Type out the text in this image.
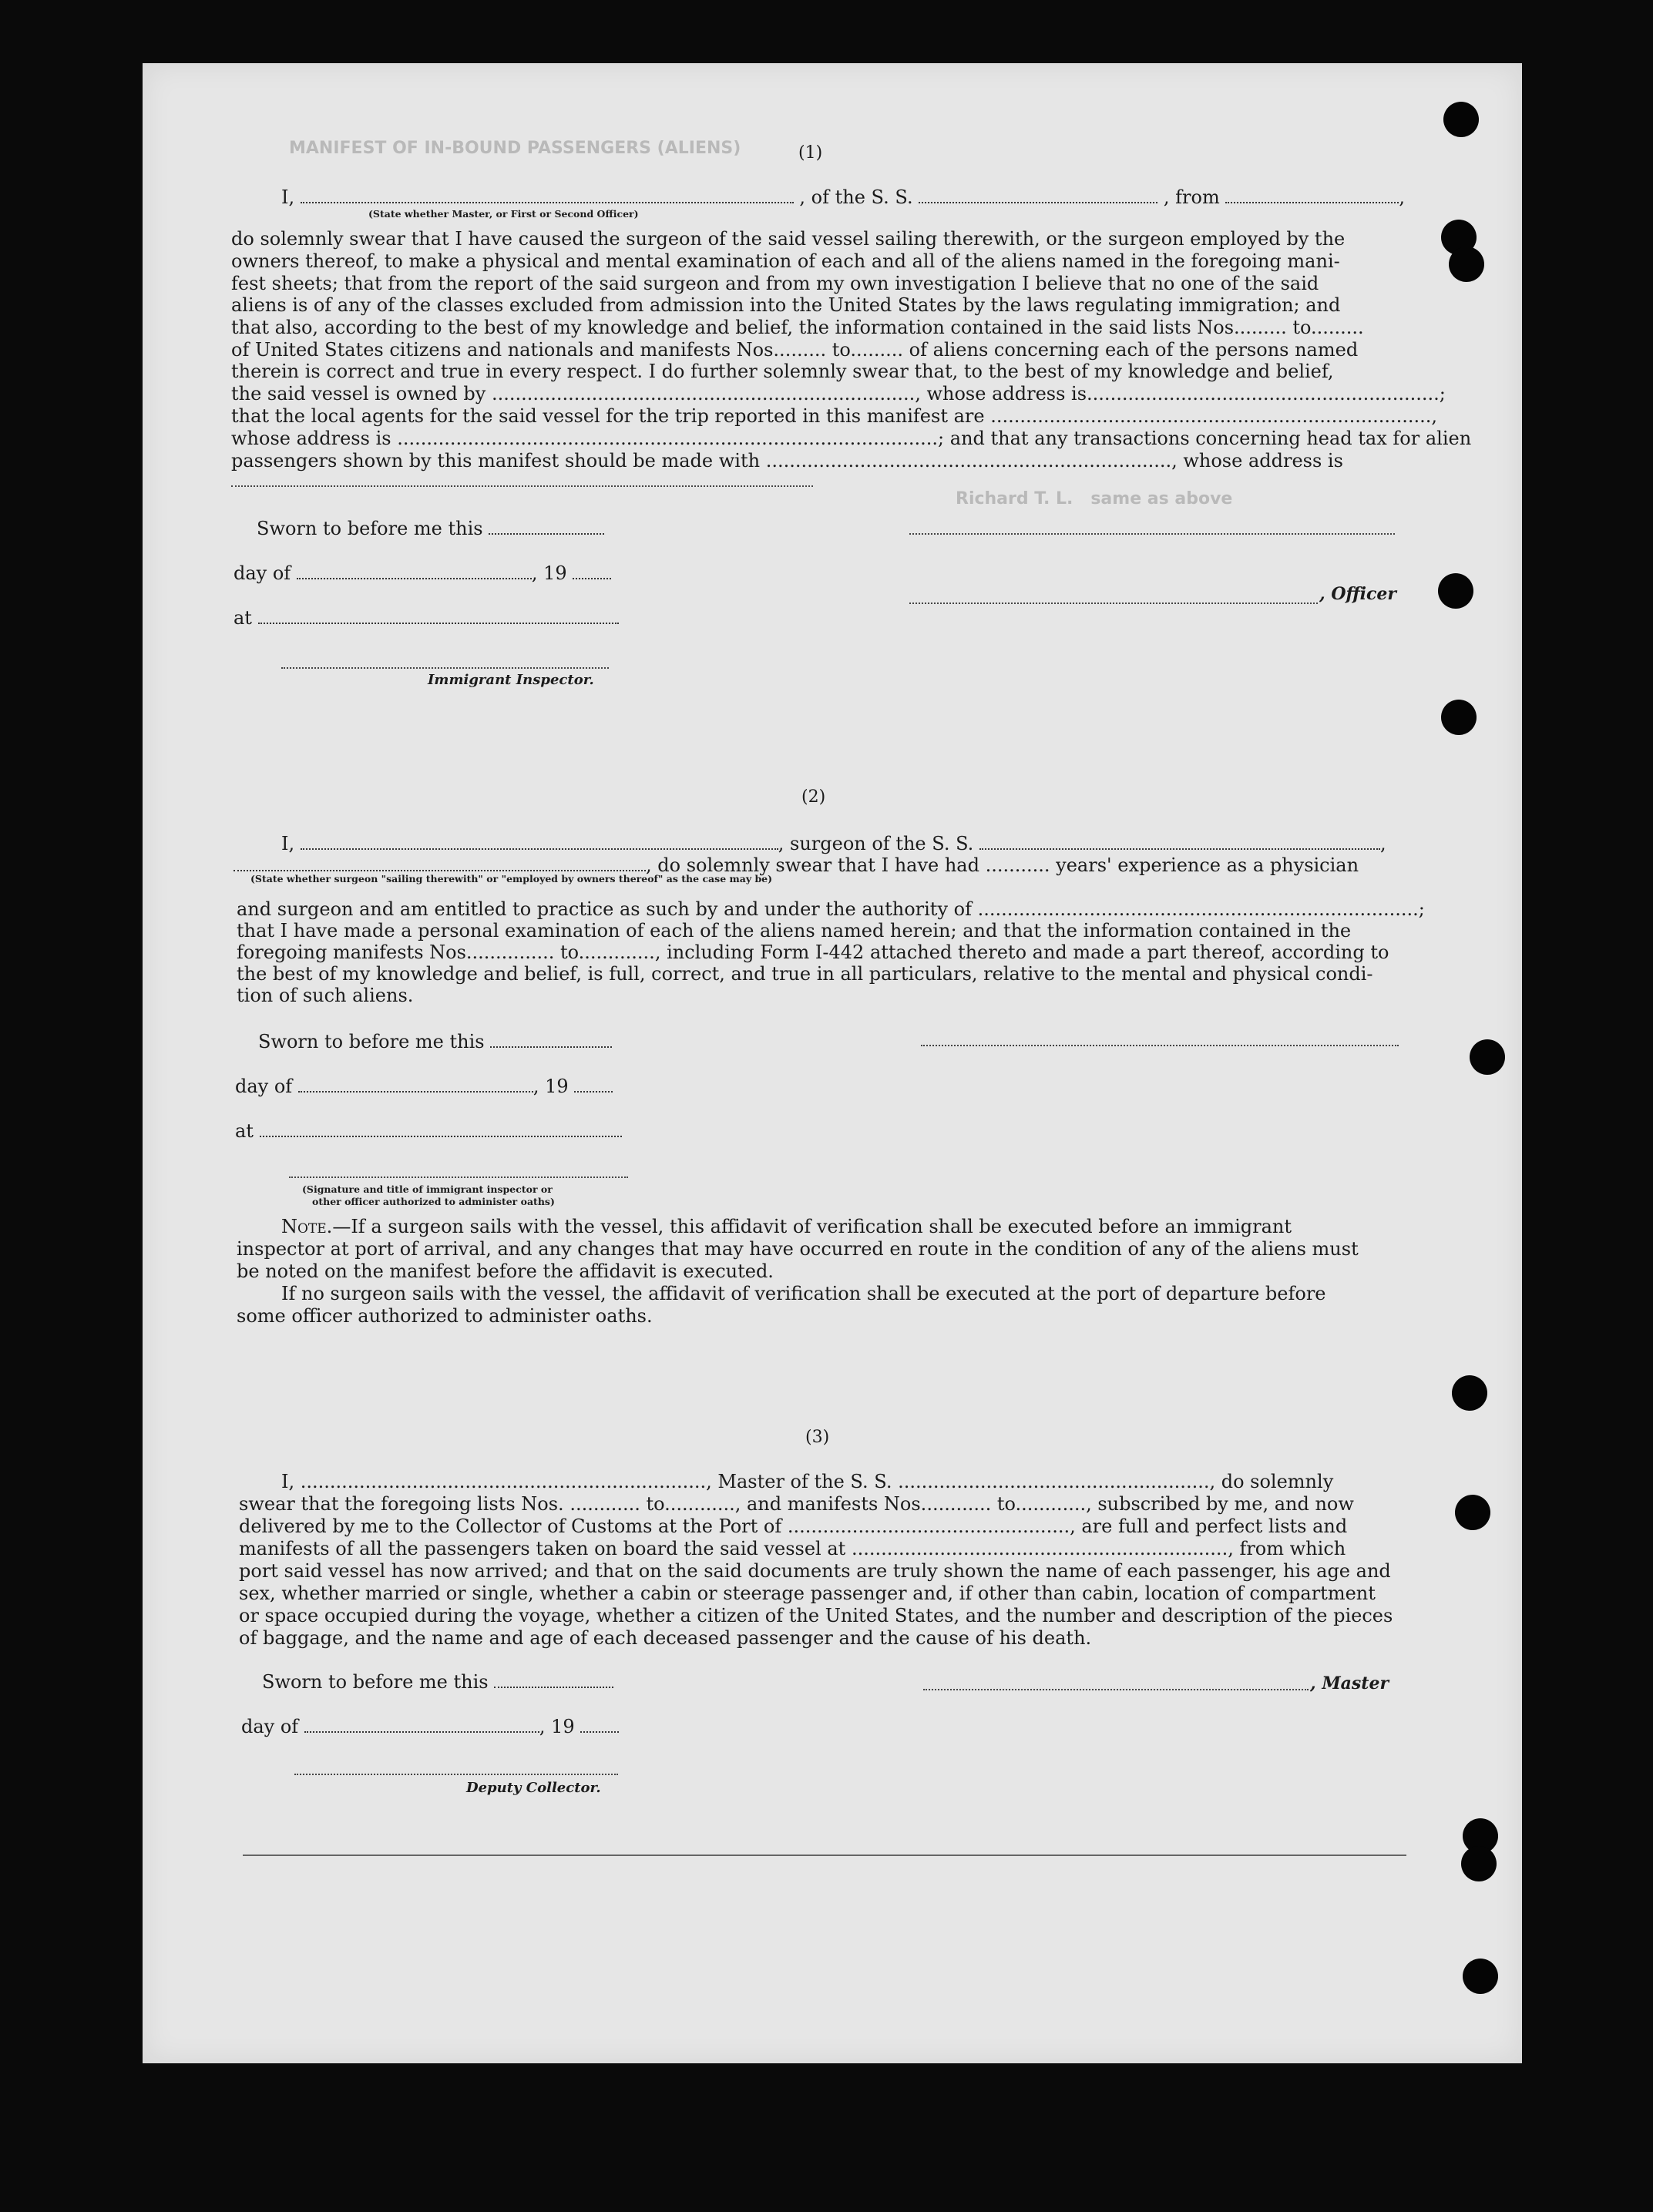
MANIFEST OF IN-BOUND PASSENGERS (ALIENS)
Richard T. L.   same as above
(1)
I,	, of the S. S.	, from	,
(State whether Master, or First or Second Officer)
do solemnly swear that I have caused the surgeon of the said vessel sailing therewith, or the surgeon employed by the
owners thereof, to make a physical and mental examination of each and all of the aliens named in the foregoing mani-
fest sheets; that from the report of the said surgeon and from my own investigation I believe that no one of the said
aliens is of any of the classes excluded from admission into the United States by the laws regulating immigration; and
that also, according to the best of my knowledge and belief, the information contained in the said lists Nos......... to.........
of United States citizens and nationals and manifests Nos......... to......... of aliens concerning each of the persons named
therein is correct and true in every respect. I do further solemnly swear that, to the best of my knowledge and belief,
the said vessel is owned by ........................................................................, whose address is............................................................;
that the local agents for the said vessel for the trip reported in this manifest are ...........................................................................,
whose address is ............................................................................................; and that any transactions concerning head tax for alien
passengers shown by this manifest should be made with ....................................................................., whose address is
Sworn to before me this
day of	, 19
, Officer
at
Immigrant Inspector.
(2)
I,	, surgeon of the S. S.	,
, do solemnly swear that I have had ........... years' experience as a physician
(State whether surgeon "sailing therewith" or "employed by owners thereof" as the case may be)
and surgeon and am entitled to practice as such by and under the authority of ...........................................................................;
that I have made a personal examination of each of the aliens named herein; and that the information contained in the
foregoing manifests Nos............... to............., including Form I-442 attached thereto and made a part thereof, according to
the best of my knowledge and belief, is full, correct, and true in all particulars, relative to the mental and physical condi-
tion of such aliens.
Sworn to before me this
day of	, 19
at
(Signature and title of immigrant inspector or
other officer authorized to administer oaths)
Note.—If a surgeon sails with the vessel, this affidavit of verification shall be executed before an immigrant
inspector at port of arrival, and any changes that may have occurred en route in the condition of any of the aliens must
be noted on the manifest before the affidavit is executed.
If no surgeon sails with the vessel, the affidavit of verification shall be executed at the port of departure before
some officer authorized to administer oaths.
(3)
I, ....................................................................., Master of the S. S. ....................................................., do solemnly
swear that the foregoing lists Nos. ............ to............, and manifests Nos............ to............, subscribed by me, and now
delivered by me to the Collector of Customs at the Port of ................................................, are full and perfect lists and
manifests of all the passengers taken on board the said vessel at ................................................................, from which
port said vessel has now arrived; and that on the said documents are truly shown the name of each passenger, his age and
sex, whether married or single, whether a cabin or steerage passenger and, if other than cabin, location of compartment
or space occupied during the voyage, whether a citizen of the United States, and the number and description of the pieces
of baggage, and the name and age of each deceased passenger and the cause of his death.
Sworn to before me this	, Master
day of	, 19
Deputy Collector.
